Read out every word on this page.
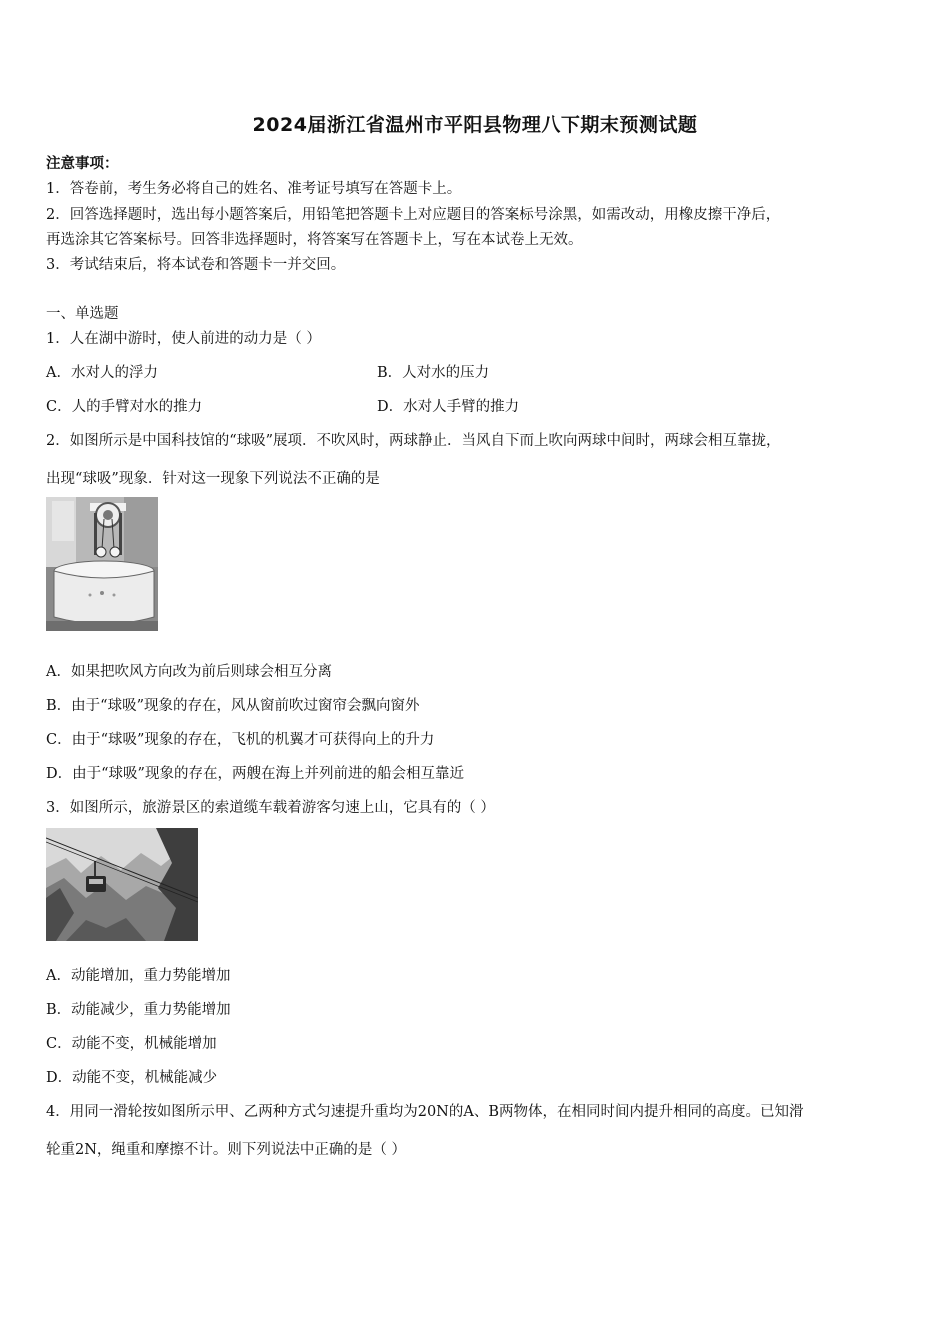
2024届浙江省温州市平阳县物理八下期末预测试题
注意事项：
1．答卷前，考生务必将自己的姓名、准考证号填写在答题卡上。
2．回答选择题时，选出每小题答案后，用铅笔把答题卡上对应题目的答案标号涂黑，如需改动，用橡皮擦干净后，
再选涂其它答案标号。回答非选择题时，将答案写在答题卡上，写在本试卷上无效。
3．考试结束后，将本试卷和答题卡一并交回。
一、单选题
1．人在湖中游时，使人前进的动力是（ ）
A．水对人的浮力	B．人对水的压力
C．人的手臂对水的推力	D．水对人手臂的推力
2．如图所示是中国科技馆的“球吸”展项．不吹风时，两球静止．当风自下而上吹向两球中间时，两球会相互靠拢，
出现“球吸”现象．针对这一现象下列说法不正确的是
A．如果把吹风方向改为前后则球会相互分离
B．由于“球吸”现象的存在，风从窗前吹过窗帘会飘向窗外
C．由于“球吸”现象的存在，飞机的机翼才可获得向上的升力
D．由于“球吸”现象的存在，两艘在海上并列前进的船会相互靠近
3．如图所示，旅游景区的索道缆车载着游客匀速上山，它具有的（ ）
A．动能增加，重力势能增加
B．动能减少，重力势能增加
C．动能不变，机械能增加
D．动能不变，机械能减少
4．用同一滑轮按如图所示甲、乙两种方式匀速提升重均为20N的A、B两物体，在相同时间内提升相同的高度。已知滑
轮重2N，绳重和摩擦不计。则下列说法中正确的是（ ）
